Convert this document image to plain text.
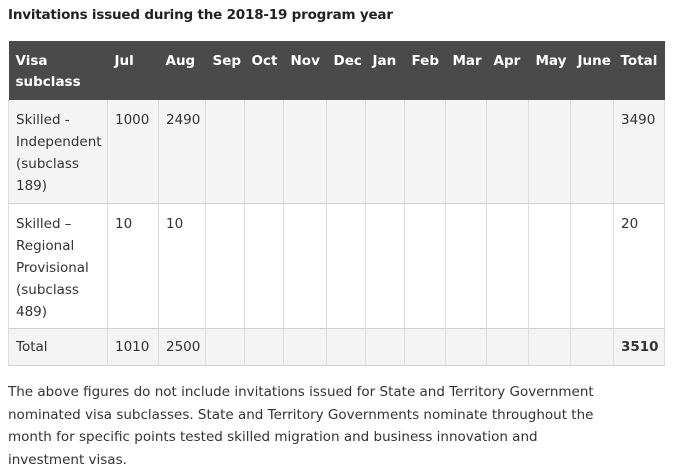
Invitations issued during the 2018-19 program year

Visa subclass	Jul	Aug	Sep	Oct	Nov	Dec	Jan	Feb	Mar	Apr	May	June	Total
Skilled - Independent (subclass 189)	1000	2490											3490
Skilled – Regional Provisional (subclass 489)	10	10											20
Total	1010	2500											3510

The above figures do not include invitations issued for State and Territory Government nominated visa subclasses. State and Territory Governments nominate throughout the month for specific points tested skilled migration and business innovation and investment visas.
